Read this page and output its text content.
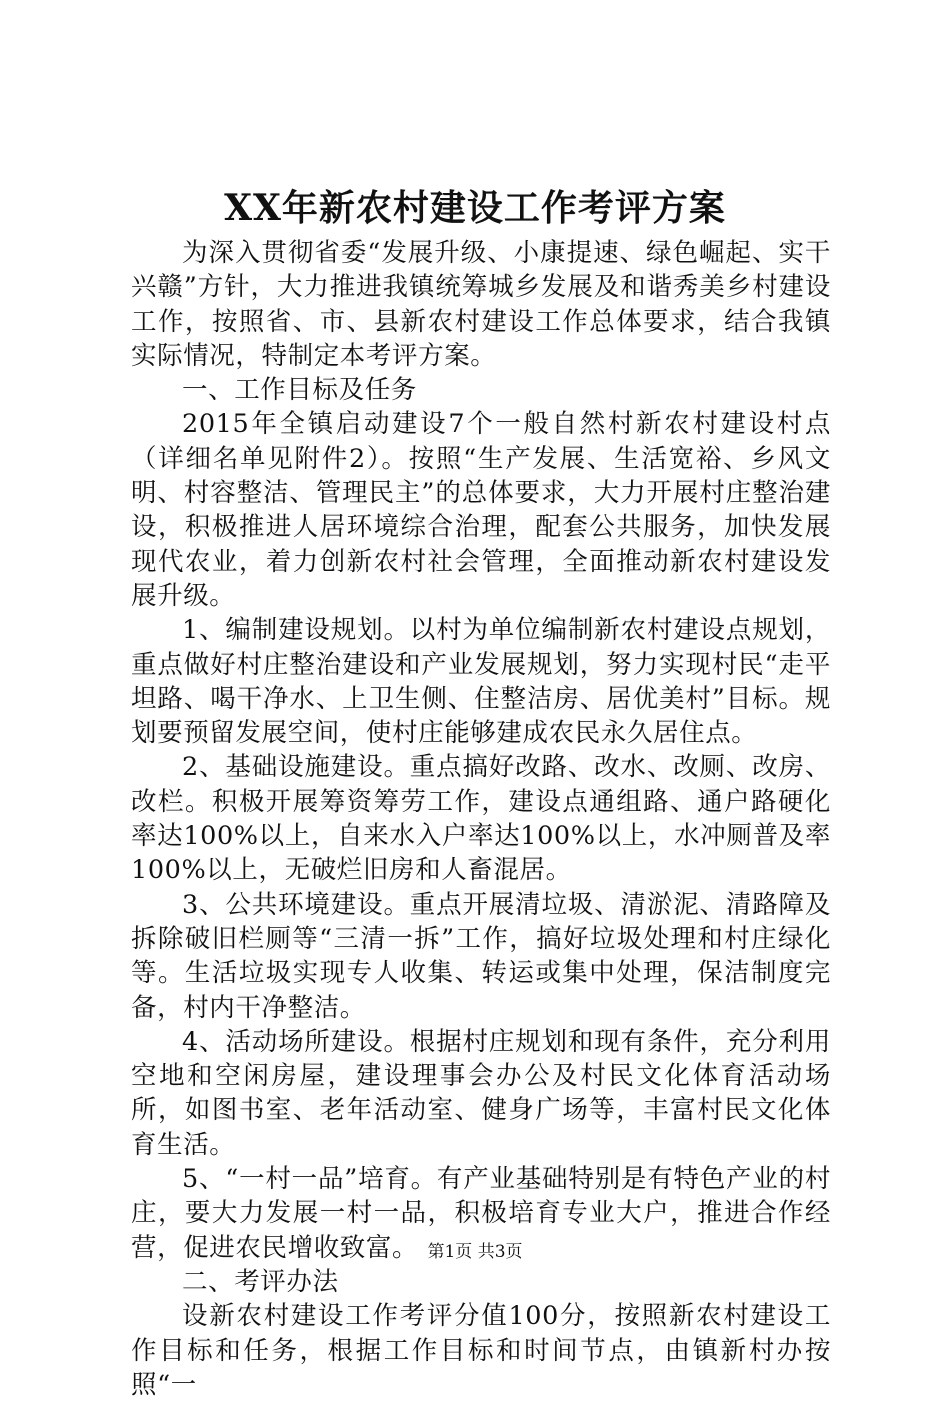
XX年新农村建设工作考评方案

为深入贯彻省委“发展升级、小康提速、绿色崛起、实干兴赣”方针，大力推进我镇统筹城乡发展及和谐秀美乡村建设工作，按照省、市、县新农村建设工作总体要求，结合我镇实际情况，特制定本考评方案。

一、工作目标及任务

2015年全镇启动建设7个一般自然村新农村建设村点（详细名单见附件2）。按照“生产发展、生活宽裕、乡风文明、村容整洁、管理民主”的总体要求，大力开展村庄整治建设，积极推进人居环境综合治理，配套公共服务，加快发展现代农业，着力创新农村社会管理，全面推动新农村建设发展升级。

1、编制建设规划。以村为单位编制新农村建设点规划，重点做好村庄整治建设和产业发展规划，努力实现村民“走平坦路、喝干净水、上卫生侧、住整洁房、居优美村”目标。规划要预留发展空间，使村庄能够建成农民永久居住点。

2、基础设施建设。重点搞好改路、改水、改厕、改房、改栏。积极开展筹资筹劳工作，建设点通组路、通户路硬化率达100%以上，自来水入户率达100%以上，水冲厕普及率100%以上，无破烂旧房和人畜混居。

3、公共环境建设。重点开展清垃圾、清淤泥、清路障及拆除破旧栏厕等“三清一拆”工作，搞好垃圾处理和村庄绿化等。生活垃圾实现专人收集、转运或集中处理，保洁制度完备，村内干净整洁。

4、活动场所建设。根据村庄规划和现有条件，充分利用空地和空闲房屋，建设理事会办公及村民文化体育活动场所，如图书室、老年活动室、健身广场等，丰富村民文化体育生活。

5、“一村一品”培育。有产业基础特别是有特色产业的村庄，要大力发展一村一品，积极培育专业大户，推进合作经营，促进农民增收致富。

二、考评办法

设新农村建设工作考评分值100分，按照新农村建设工作目标和任务，根据工作目标和时间节点，由镇新村办按照“一

第1页 共3页
